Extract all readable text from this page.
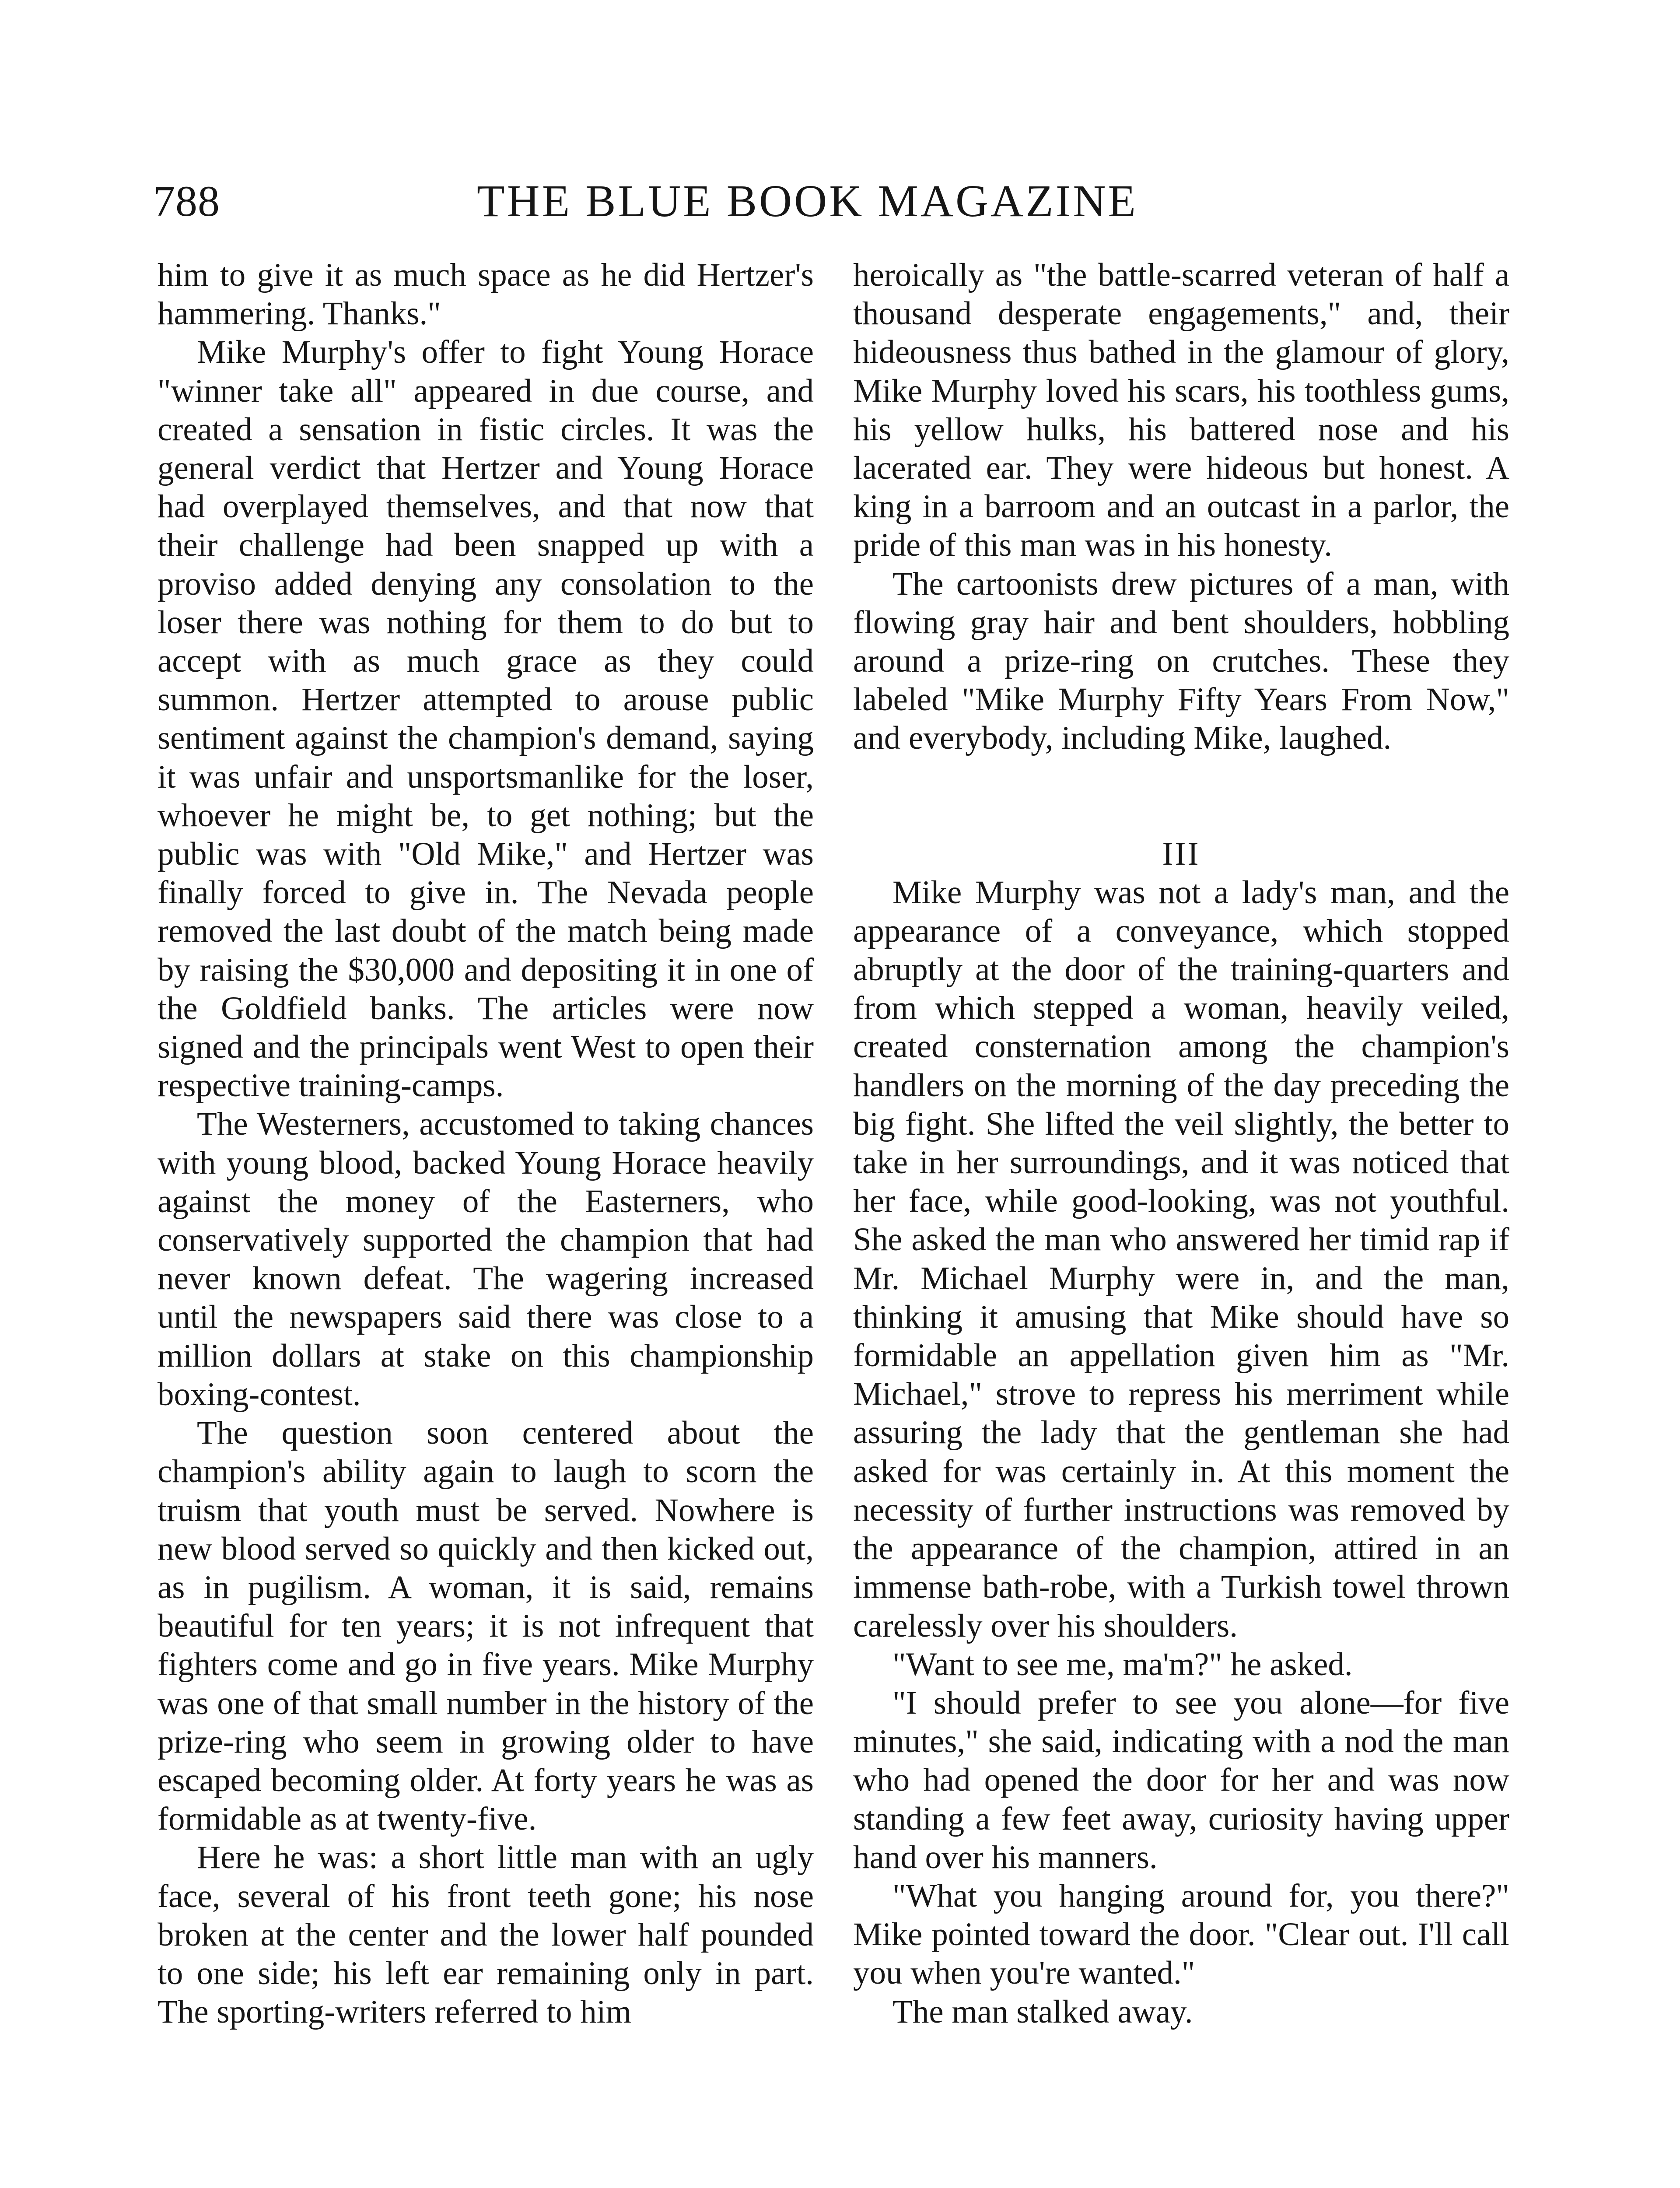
788	THE BLUE BOOK MAGAZINE

him to give it as much space as he did Hertzer's hammering. Thanks."

Mike Murphy's offer to fight Young Horace "winner take all" appeared in due course, and created a sensation in fistic circles. It was the general verdict that Hertzer and Young Horace had overplayed themselves, and that now that their challenge had been snapped up with a proviso added denying any consolation to the loser there was nothing for them to do but to accept with as much grace as they could summon. Hertzer attempted to arouse public sentiment against the champion's demand, saying it was unfair and unsportsmanlike for the loser, whoever he might be, to get nothing; but the public was with "Old Mike," and Hertzer was finally forced to give in. The Nevada people removed the last doubt of the match being made by raising the $30,000 and depositing it in one of the Goldfield banks. The articles were now signed and the principals went West to open their respective training-camps.

The Westerners, accustomed to taking chances with young blood, backed Young Horace heavily against the money of the Easterners, who conservatively supported the champion that had never known defeat. The wagering increased until the newspapers said there was close to a million dollars at stake on this championship boxing-contest.

The question soon centered about the champion's ability again to laugh to scorn the truism that youth must be served. Nowhere is new blood served so quickly and then kicked out, as in pugilism. A woman, it is said, remains beautiful for ten years; it is not infrequent that fighters come and go in five years. Mike Murphy was one of that small number in the history of the prize-ring who seem in growing older to have escaped becoming older. At forty years he was as formidable as at twenty-five.

Here he was: a short little man with an ugly face, several of his front teeth gone; his nose broken at the center and the lower half pounded to one side; his left ear remaining only in part. The sporting-writers referred to him

heroically as "the battle-scarred veteran of half a thousand desperate engagements," and, their hideousness thus bathed in the glamour of glory, Mike Murphy loved his scars, his toothless gums, his yellow hulks, his battered nose and his lacerated ear. They were hideous but honest. A king in a barroom and an outcast in a parlor, the pride of this man was in his honesty.

The cartoonists drew pictures of a man, with flowing gray hair and bent shoulders, hobbling around a prize-ring on crutches. These they labeled "Mike Murphy Fifty Years From Now," and everybody, including Mike, laughed.

III

Mike Murphy was not a lady's man, and the appearance of a conveyance, which stopped abruptly at the door of the training-quarters and from which stepped a woman, heavily veiled, created consternation among the champion's handlers on the morning of the day preceding the big fight. She lifted the veil slightly, the better to take in her surroundings, and it was noticed that her face, while good-looking, was not youthful. She asked the man who answered her timid rap if Mr. Michael Murphy were in, and the man, thinking it amusing that Mike should have so formidable an appellation given him as "Mr. Michael," strove to repress his merriment while assuring the lady that the gentleman she had asked for was certainly in. At this moment the necessity of further instructions was removed by the appearance of the champion, attired in an immense bath-robe, with a Turkish towel thrown carelessly over his shoulders.

"Want to see me, ma'm?" he asked.

"I should prefer to see you alone—for five minutes," she said, indicating with a nod the man who had opened the door for her and was now standing a few feet away, curiosity having upper hand over his manners.

"What you hanging around for, you there?" Mike pointed toward the door. "Clear out. I'll call you when you're wanted."

The man stalked away.
